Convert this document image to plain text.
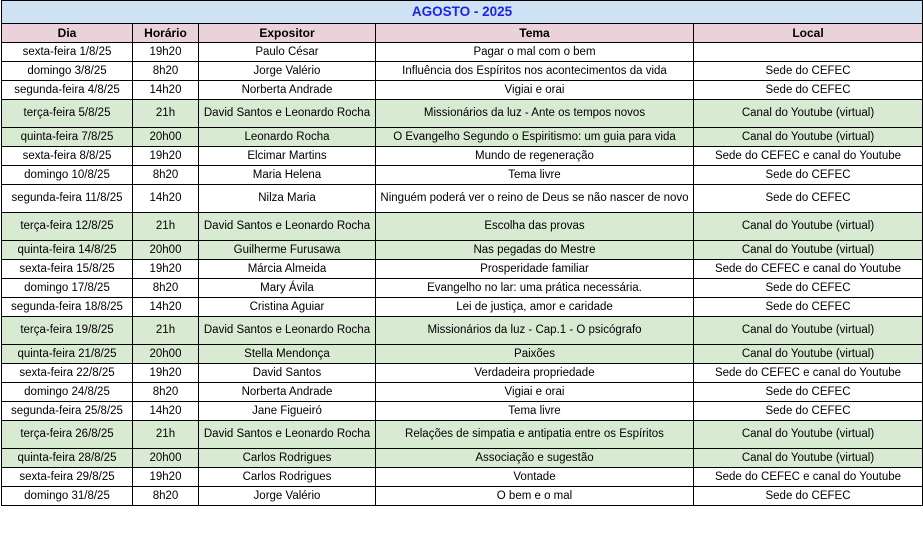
AGOSTO - 2025				
Dia	Horário	Expositor	Tema	Local
sexta-feira 1/8/25	19h20	Paulo César	Pagar o mal com o bem	
domingo 3/8/25	8h20	Jorge Valério	Influência dos Espíritos nos acontecimentos da vida	Sede do CEFEC
segunda-feira 4/8/25	14h20	Norberta Andrade	Vigiai e orai	Sede do CEFEC
terça-feira 5/8/25	21h	David Santos e Leonardo Rocha	Missionários da luz - Ante os tempos novos	Canal do Youtube (virtual)
quinta-feira 7/8/25	20h00	Leonardo Rocha	O Evangelho Segundo o Espiritismo: um guia para vida	Canal do Youtube (virtual)
sexta-feira 8/8/25	19h20	Elcimar Martins	Mundo de regeneração	Sede do CEFEC e canal do Youtube
domingo 10/8/25	8h20	Maria Helena	Tema livre	Sede do CEFEC
segunda-feira 11/8/25	14h20	Nilza Maria	Ninguém poderá ver o reino de Deus se não nascer de novo	Sede do CEFEC
terça-feira 12/8/25	21h	David Santos e Leonardo Rocha	Escolha das provas	Canal do Youtube (virtual)
quinta-feira 14/8/25	20h00	Guilherme Furusawa	Nas pegadas do Mestre	Canal do Youtube (virtual)
sexta-feira 15/8/25	19h20	Márcia Almeida	Prosperidade familiar	Sede do CEFEC e canal do Youtube
domingo 17/8/25	8h20	Mary Ávila	Evangelho no lar: uma prática necessária.	Sede do CEFEC
segunda-feira 18/8/25	14h20	Cristina Aguiar	Lei de justiça, amor e caridade	Sede do CEFEC
terça-feira 19/8/25	21h	David Santos e Leonardo Rocha	Missionários da luz - Cap.1 - O psicógrafo	Canal do Youtube (virtual)
quinta-feira 21/8/25	20h00	Stella Mendonça	Paixões	Canal do Youtube (virtual)
sexta-feira 22/8/25	19h20	David Santos	Verdadeira propriedade	Sede do CEFEC e canal do Youtube
domingo 24/8/25	8h20	Norberta Andrade	Vigiai e orai	Sede do CEFEC
segunda-feira 25/8/25	14h20	Jane Figueiró	Tema livre	Sede do CEFEC
terça-feira 26/8/25	21h	David Santos e Leonardo Rocha	Relações de simpatia e antipatia entre os Espíritos	Canal do Youtube (virtual)
quinta-feira 28/8/25	20h00	Carlos Rodrigues	Associação e sugestão	Canal do Youtube (virtual)
sexta-feira 29/8/25	19h20	Carlos Rodrigues	Vontade	Sede do CEFEC e canal do Youtube
domingo 31/8/25	8h20	Jorge Valério	O bem e o mal	Sede do CEFEC
